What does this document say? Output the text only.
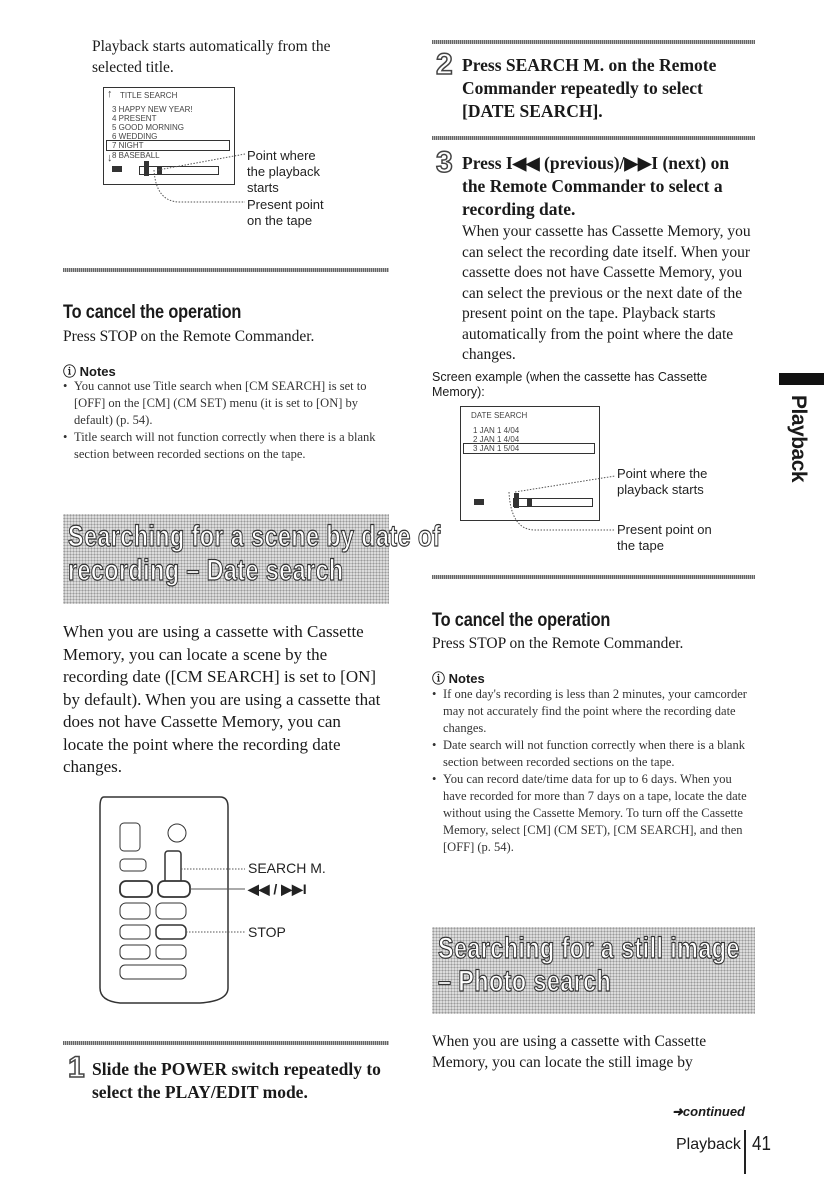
Playback starts automatically from the selected title.
TITLE SEARCH
↑
3 HAPPY NEW YEAR!
4 PRESENT
5 GOOD MORNING
6 WEDDING
7 NIGHT
8 BASEBALL
↓	Point where the playback starts
Present point on the tape
To cancel the operation
Press STOP on the Remote Commander.
ⓘ Notes
• You cannot use Title search when [CM SEARCH] is set to [OFF] on the [CM] (CM SET) menu (it is set to [ON] by default) (p. 54).
• Title search will not function correctly when there is a blank section between recorded sections on the tape.
Searching for a scene by date of
recording – Date search
When you are using a cassette with Cassette Memory, you can locate a scene by the recording date ([CM SEARCH] is set to [ON] by default). When you are using a cassette that does not have Cassette Memory, you can locate the point where the recording date changes.
SEARCH M.
◀◀ / ▶▶I
STOP
1 Slide the POWER switch repeatedly to select the PLAY/EDIT mode.
2 Press SEARCH M. on the Remote Commander repeatedly to select [DATE SEARCH].
3 Press I◀◀ (previous)/▶▶I (next) on the Remote Commander to select a recording date.
When your cassette has Cassette Memory, you can select the recording date itself. When your cassette does not have Cassette Memory, you can select the previous or the next date of the present point on the tape. Playback starts automatically from the point where the date changes.
Screen example (when the cassette has Cassette Memory):
DATE SEARCH
1 JAN 1 4/04
2 JAN 1 4/04
3 JAN 1 5/04
Point where the playback starts
Present point on the tape
To cancel the operation
Press STOP on the Remote Commander.
ⓘ Notes
• If one day's recording is less than 2 minutes, your camcorder may not accurately find the point where the recording date changes.
• Date search will not function correctly when there is a blank section between recorded sections on the tape.
• You can record date/time data for up to 6 days. When you have recorded for more than 7 days on a tape, locate the date without using the Cassette Memory. To turn off the Cassette Memory, select [CM] (CM SET), [CM SEARCH], and then [OFF] (p. 54).
Searching for a still image
– Photo search
When you are using a cassette with Cassette Memory, you can locate the still image by
➜continued
Playback
Playback 41
